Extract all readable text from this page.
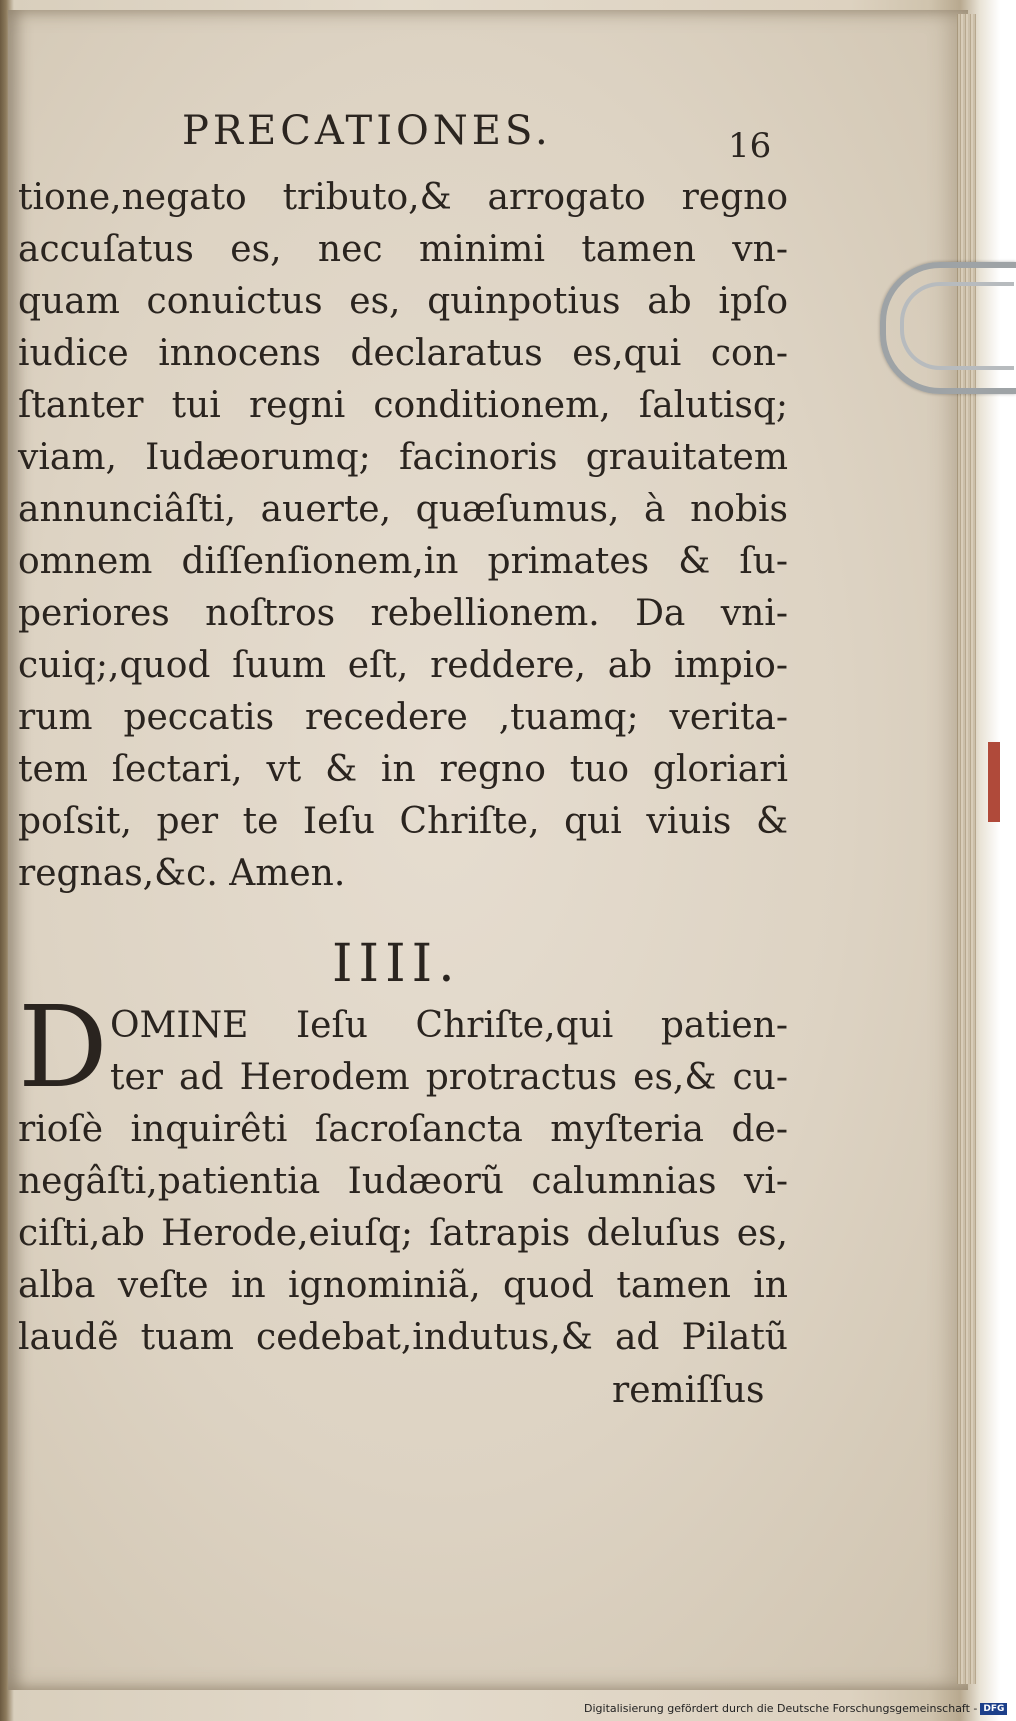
PRECATIONES.	16
tione,negato tributo,& arrogato regno
accuſatus es, nec minimi tamen vn-
quam conuictus es, quinpotius ab ipſo
iudice innocens declaratus es,qui con-
ſtanter tui regni conditionem, ſalutisq;
viam, Iudæorumq; facinoris grauitatem
annunciâſti, auerte, quæſumus, à nobis
omnem diſſenſionem,in primates & ſu-
periores noſtros rebellionem. Da vni-
cuiq;,quod ſuum eſt, reddere, ab impio-
rum peccatis recedere ,tuamq; verita-
tem ſectari, vt & in regno tuo gloriari
poſsit, per te Ieſu Chriſte, qui viuis &
regnas,&c. Amen.
IIII.
D OMINE Ieſu Chriſte,qui patien-
ter ad Herodem protractus es,& cu-
rioſè inquirêti ſacroſancta myſteria de-
negâſti,patientia Iudæorũ calumnias vi-
ciſti,ab Herode,eiuſq; ſatrapis deluſus es,
alba veſte in ignominiã, quod tamen in
laudẽ tuam cedebat,indutus,& ad Pilatũ
remiſſus
Digitalisierung gefördert durch die Deutsche Forschungsgemeinschaft - DFG
